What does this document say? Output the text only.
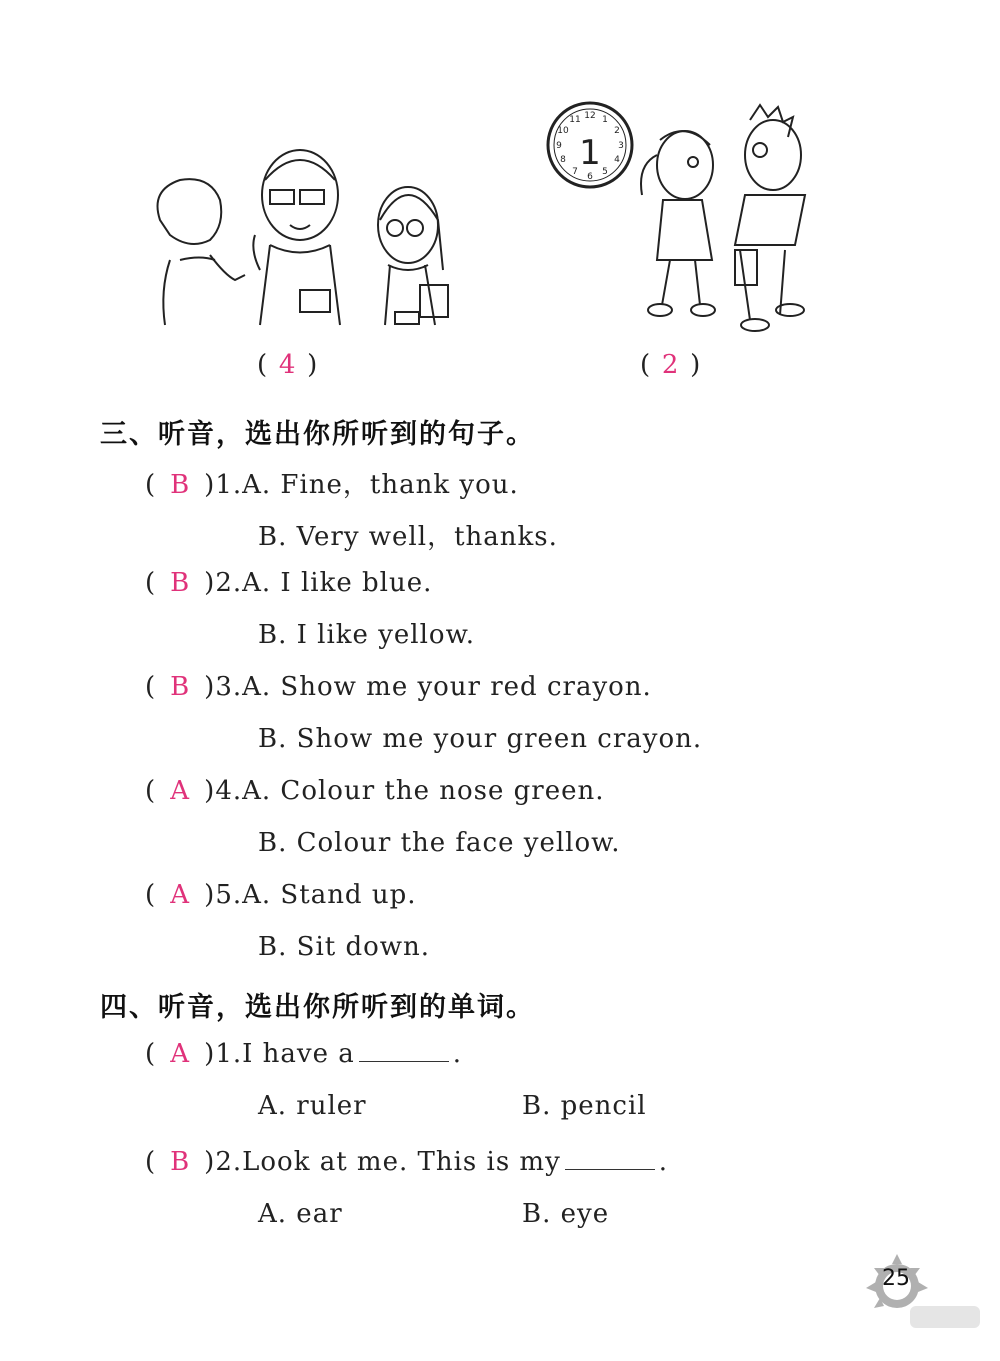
( 4 )
12 1
2
3
4
5
6
7
8
9
10
11
1
( 2 )
三、听音，选出你所听到的句子。
( B )1.A. Fine，thank you.
B. Very well，thanks.
( B )2.A. I like blue.
B. I like yellow.
( B )3.A. Show me your red crayon.
B. Show me your green crayon.
( A )4.A. Colour the nose green.
B. Colour the face yellow.
( A )5.A. Stand up.
B. Sit down.
四、听音，选出你所听到的单词。
( A )1.I have a	.
A. ruler	B. pencil
( B )2.Look at me. This is my	.
A. ear	B. eye
25
